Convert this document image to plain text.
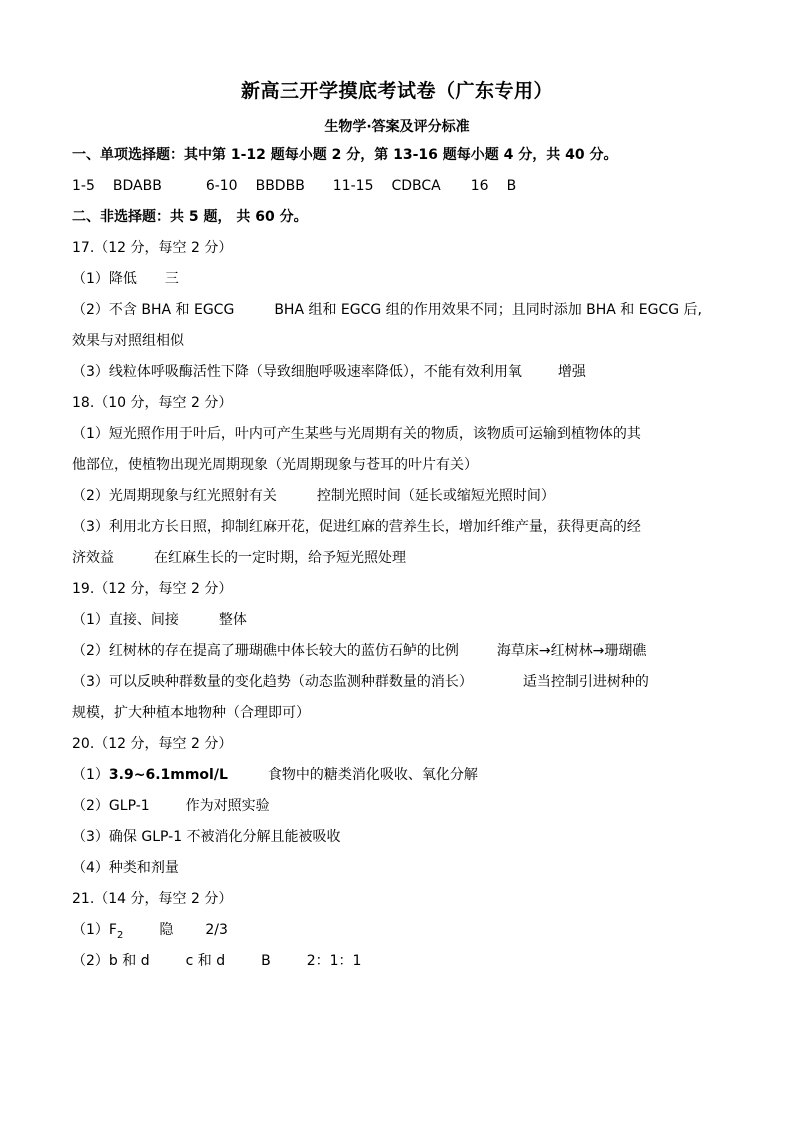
新高三开学摸底考试卷（广东专用）
生物学·答案及评分标准
一、单项选择题：其中第 1-12 题每小题 2 分，第 13-16 题每小题 4 分，共 40 分。
1-5 BDABB	6-10 BBDBB 11-15 CDBCA 16 B
二、非选择题：共 5 题， 共 60 分。
17.（12 分，每空 2 分）
（1）降低 三
（2）不含 BHA 和 EGCG	BHA 组和 EGCG 组的作用效果不同；且同时添加 BHA 和 EGCG 后,
效果与对照组相似
（3）线粒体呼吸酶活性下降（导致细胞呼吸速率降低），不能有效利用氧	增强
18.（10 分，每空 2 分）
（1）短光照作用于叶后，叶内可产生某些与光周期有关的物质，该物质可运输到植物体的其
他部位，使植物出现光周期现象（光周期现象与苍耳的叶片有关）
（2）光周期现象与红光照射有关	控制光照时间（延长或缩短光照时间）
（3）利用北方长日照，抑制红麻开花，促进红麻的营养生长，增加纤维产量，获得更高的经
济效益	在红麻生长的一定时期，给予短光照处理
19.（12 分，每空 2 分）
（1）直接、间接	整体
（2）红树林的存在提高了珊瑚礁中体长较大的蓝仿石鲈的比例	海草床→红树林→珊瑚礁
（3）可以反映种群数量的变化趋势（动态监测种群数量的消长）	适当控制引进树种的
规模，扩大种植本地物种（合理即可）
20.（12 分，每空 2 分）
（1）3.9~6.1mmol/L	食物中的糖类消化吸收、氧化分解
（2）GLP-1	作为对照实验
（3）确保 GLP-1 不被消化分解且能被吸收
（4）种类和剂量
21.（14 分，每空 2 分）
$(1)F_2$	隐 2/3
（2）b 和 d	c 和 d	B	2：1：1
